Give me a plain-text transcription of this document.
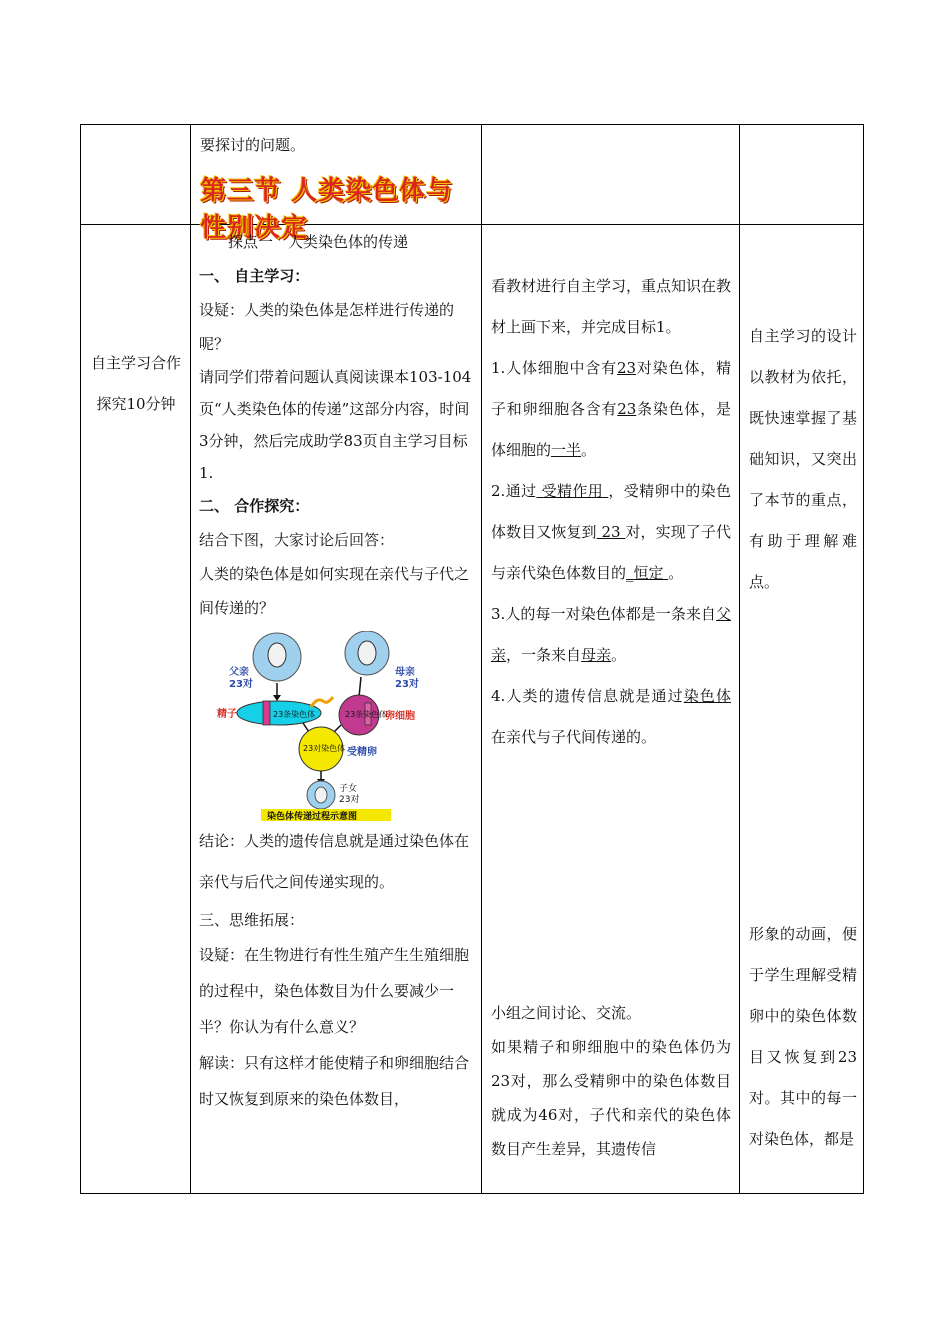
要探讨的问题。
第三节 人类染色体与性别决定
自主学习合作探究10分钟
探点一　人类染色体的传递
一、 自主学习：
设疑：人类的染色体是怎样进行传递的呢？
请同学们带着问题认真阅读课本103-104页“人类染色体的传递”这部分内容，时间3分钟，然后完成助学83页自主学习目标1.
二、 合作探究：
结合下图，大家讨论后回答：
人类的染色体是如何实现在亲代与子代之间传递的？
父亲
23对
母亲
23对
精子	23条染色体	卵细胞
23条染色体
23对染色体 受精卵
子女
23对
染色体传递过程示意图
结论：人类的遗传信息就是通过染色体在亲代与后代之间传递实现的。
三、思维拓展：
设疑：在生物进行有性生殖产生生殖细胞的过程中，染色体数目为什么要减少一半？你认为有什么意义？
解读：只有这样才能使精子和卵细胞结合时又恢复到原来的染色体数目，
看教材进行自主学习，重点知识在教材上画下来，并完成目标1。
1.人体细胞中含有23对染色体，精子和卵细胞各含有23条染色体，是体细胞的一半。
2.通过 受精作用 ，受精卵中的染色体数目又恢复到 23 对，实现了子代与亲代染色体数目的_恒定 。
3.人的每一对染色体都是一条来自父亲，一条来自母亲。
4.人类的遗传信息就是通过染色体 在亲代与子代间传递的。
小组之间讨论、交流。
如果精子和卵细胞中的染色体仍为23对，那么受精卵中的染色体数目就成为46对，子代和亲代的染色体数目产生差异，其遗传信
自主学习的设计以教材为依托，既快速掌握了基础知识，又突出了本节的重点，有助于理解难点。
形象的动画，便于学生理解受精卵中的染色体数目又恢复到23对。其中的每一对染色体，都是
